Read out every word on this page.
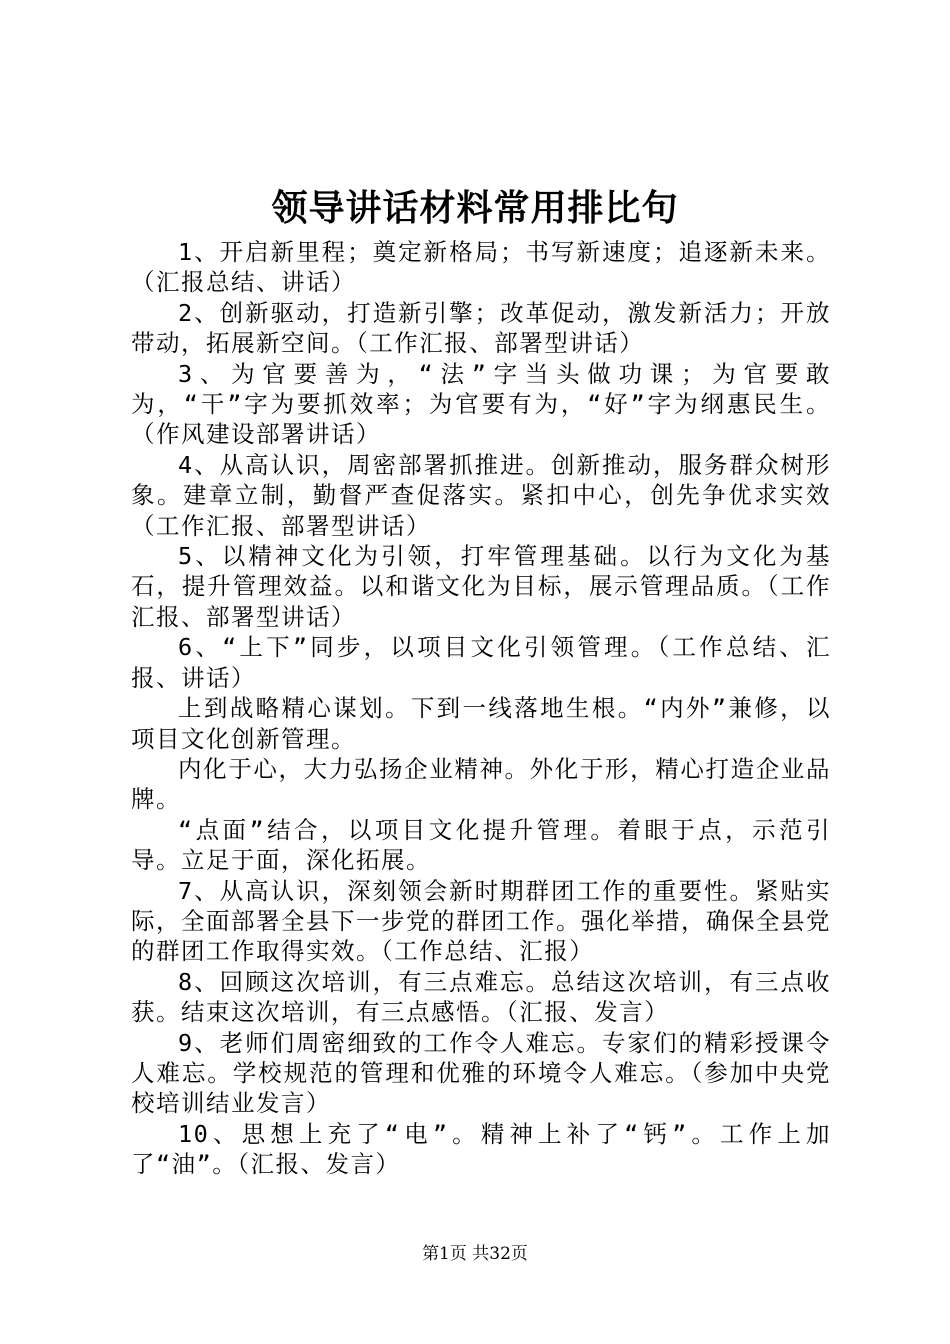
领导讲话材料常用排比句

1、开启新里程；奠定新格局；书写新速度；追逐新未来。（汇报总结、讲话）

2、创新驱动，打造新引擎；改革促动，激发新活力；开放带动，拓展新空间。（工作汇报、部署型讲话）

3、为官要善为，“法”字当头做功课；为官要敢为，“干”字为要抓效率；为官要有为，“好”字为纲惠民生。（作风建设部署讲话）

4、从高认识，周密部署抓推进。创新推动，服务群众树形象。建章立制，勤督严查促落实。紧扣中心，创先争优求实效（工作汇报、部署型讲话）

5、以精神文化为引领，打牢管理基础。以行为文化为基石，提升管理效益。以和谐文化为目标，展示管理品质。（工作汇报、部署型讲话）

6、“上下”同步，以项目文化引领管理。（工作总结、汇报、讲话）

上到战略精心谋划。下到一线落地生根。“内外”兼修，以项目文化创新管理。

内化于心，大力弘扬企业精神。外化于形，精心打造企业品牌。

“点面”结合，以项目文化提升管理。着眼于点，示范引导。立足于面，深化拓展。

7、从高认识，深刻领会新时期群团工作的重要性。紧贴实际，全面部署全县下一步党的群团工作。强化举措，确保全县党的群团工作取得实效。（工作总结、汇报）

8、回顾这次培训，有三点难忘。总结这次培训，有三点收获。结束这次培训，有三点感悟。（汇报、发言）

9、老师们周密细致的工作令人难忘。专家们的精彩授课令人难忘。学校规范的管理和优雅的环境令人难忘。（参加中央党校培训结业发言）

10、思想上充了“电”。精神上补了“钙”。工作上加了“油”。（汇报、发言）

第1页 共32页
